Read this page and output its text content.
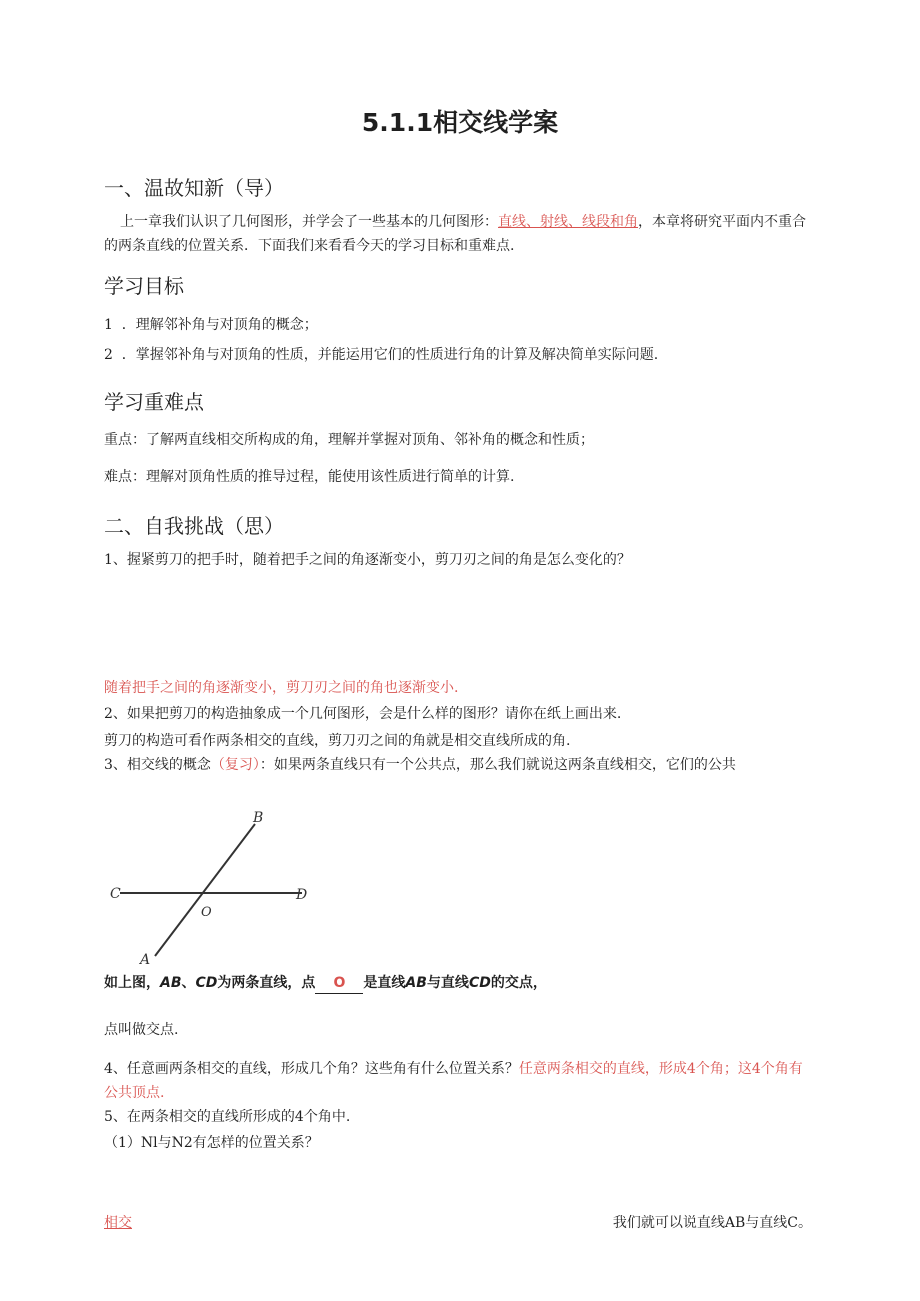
5.1.1相交线学案
一、温故知新（导）
上一章我们认识了几何图形，并学会了一些基本的几何图形：直线、射线、线段和角，本章将研究平面内不重合的两条直线的位置关系．下面我们来看看今天的学习目标和重难点.
学习目标
1  ．理解邻补角与对顶角的概念；
2  ．掌握邻补角与对顶角的性质，并能运用它们的性质进行角的计算及解决简单实际问题.
学习重难点
重点：了解两直线相交所构成的角，理解并掌握对顶角、邻补角的概念和性质；
难点：理解对顶角性质的推导过程，能使用该性质进行简单的计算.
二、自我挑战（思）
1、握紧剪刀的把手时，随着把手之间的角逐渐变小，剪刀刃之间的角是怎么变化的？
随着把手之间的角逐渐变小，剪刀刃之间的角也逐渐变小.
2、如果把剪刀的构造抽象成一个几何图形，会是什么样的图形？请你在纸上画出来.
剪刀的构造可看作两条相交的直线，剪刀刃之间的角就是相交直线所成的角.
3、相交线的概念（复习）：如果两条直线只有一个公共点，那么我们就说这两条直线相交，它们的公共
B
C	D
O
A
如上图，AB、CD为两条直线，点 O 是直线AB与直线CD的交点，
点叫做交点.
4、任意画两条相交的直线，形成几个角？这些角有什么位置关系？任意两条相交的直线，形成4个角；这4个角有公共顶点.
5、在两条相交的直线所形成的4个角中.
（1）Nl与N2有怎样的位置关系？
相交	我们就可以说直线AB与直线C。
